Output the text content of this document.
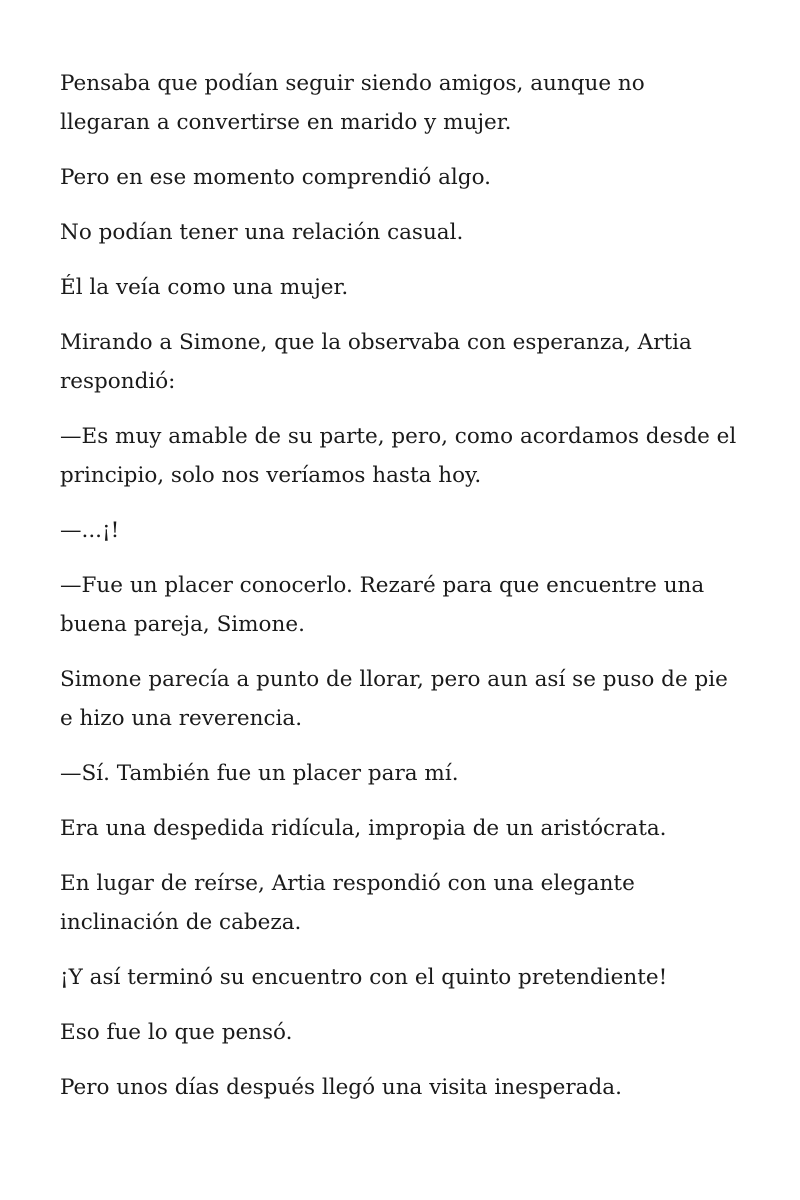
Pensaba que podían seguir siendo amigos, aunque no llegaran a convertirse en marido y mujer.

Pero en ese momento comprendió algo.

No podían tener una relación casual.

Él la veía como una mujer.

Mirando a Simone, que la observaba con esperanza, Artia respondió:

—Es muy amable de su parte, pero, como acordamos desde el principio, solo nos veríamos hasta hoy.

—...¡!

—Fue un placer conocerlo. Rezaré para que encuentre una buena pareja, Simone.

Simone parecía a punto de llorar, pero aun así se puso de pie e hizo una reverencia.

—Sí. También fue un placer para mí.

Era una despedida ridícula, impropia de un aristócrata.

En lugar de reírse, Artia respondió con una elegante inclinación de cabeza.

¡Y así terminó su encuentro con el quinto pretendiente!

Eso fue lo que pensó.

Pero unos días después llegó una visita inesperada.
